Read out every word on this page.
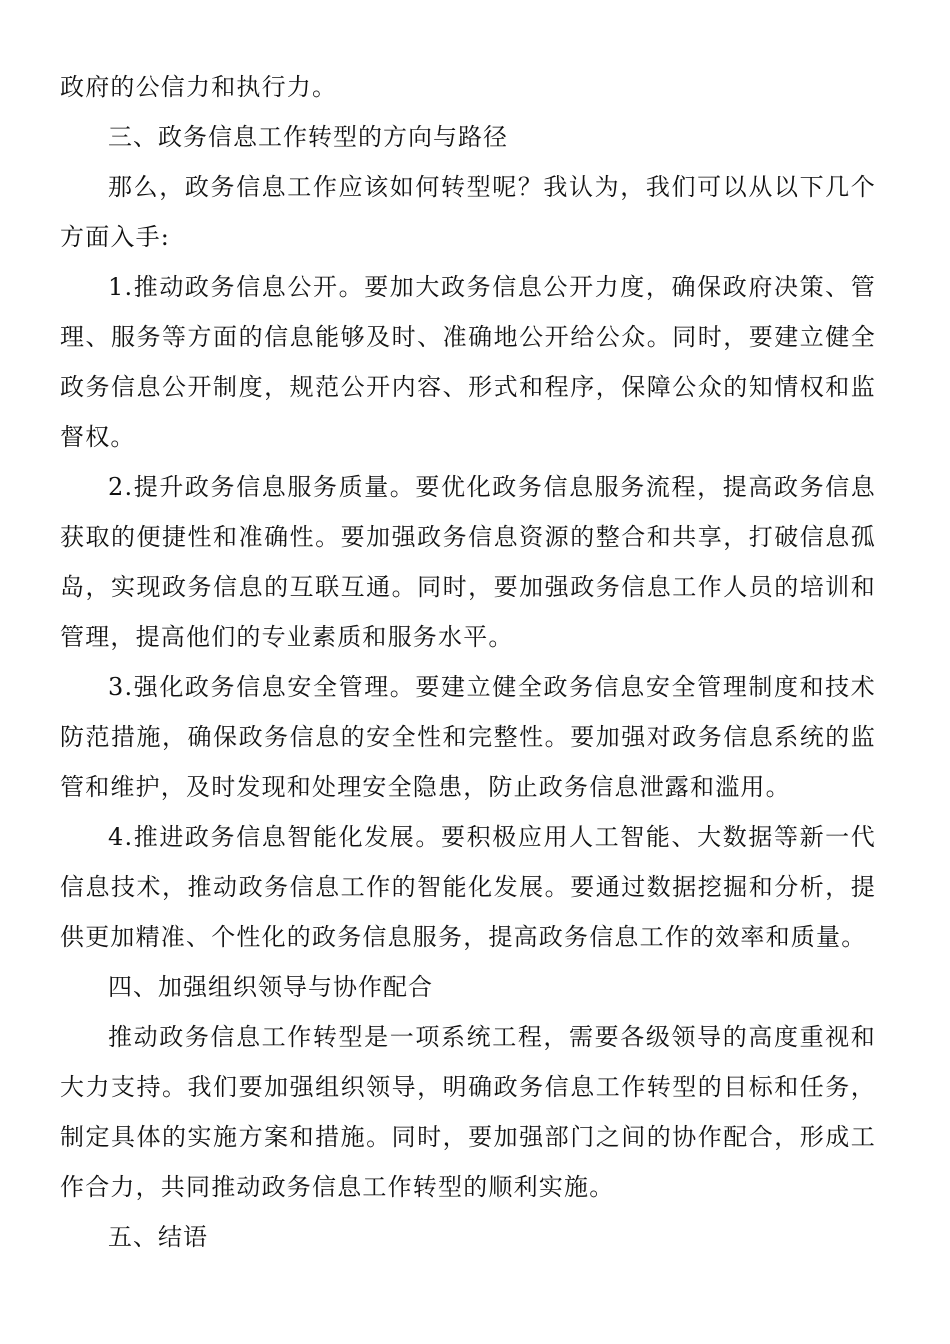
政府的公信力和执行力。

三、政务信息工作转型的方向与路径

那么，政务信息工作应该如何转型呢？我认为，我们可以从以下几个方面入手:

1.推动政务信息公开。要加大政务信息公开力度，确保政府决策、管理、服务等方面的信息能够及时、准确地公开给公众。同时，要建立健全政务信息公开制度，规范公开内容、形式和程序，保障公众的知情权和监督权。

2.提升政务信息服务质量。要优化政务信息服务流程，提高政务信息获取的便捷性和准确性。要加强政务信息资源的整合和共享，打破信息孤岛，实现政务信息的互联互通。同时，要加强政务信息工作人员的培训和管理，提高他们的专业素质和服务水平。

3.强化政务信息安全管理。要建立健全政务信息安全管理制度和技术防范措施，确保政务信息的安全性和完整性。要加强对政务信息系统的监管和维护，及时发现和处理安全隐患，防止政务信息泄露和滥用。

4.推进政务信息智能化发展。要积极应用人工智能、大数据等新一代信息技术，推动政务信息工作的智能化发展。要通过数据挖掘和分析，提供更加精准、个性化的政务信息服务，提高政务信息工作的效率和质量。

四、加强组织领导与协作配合

推动政务信息工作转型是一项系统工程，需要各级领导的高度重视和大力支持。我们要加强组织领导，明确政务信息工作转型的目标和任务，制定具体的实施方案和措施。同时，要加强部门之间的协作配合，形成工作合力，共同推动政务信息工作转型的顺利实施。

五、结语
